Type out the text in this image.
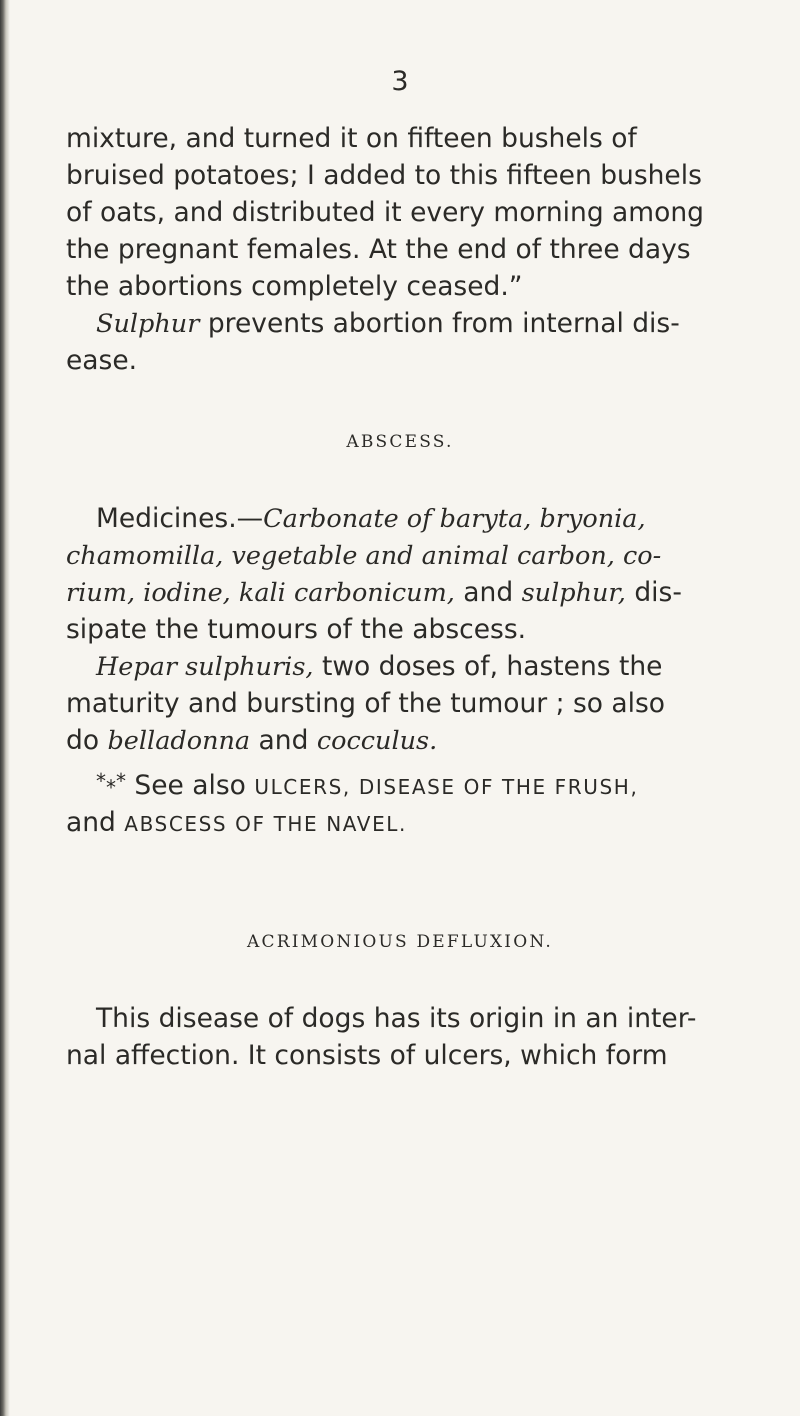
3
mixture, and turned it on fifteen bushels of
bruised potatoes; I added to this fifteen bushels
of oats, and distributed it every morning among
the pregnant females. At the end of three days
the abortions completely ceased.”
Sulphur prevents abortion from internal dis-
ease.
ABSCESS.
Medicines.—Carbonate of baryta, bryonia,
chamomilla, vegetable and animal carbon, co-
rium, iodine, kali carbonicum, and sulphur, dis-
sipate the tumours of the abscess.
Hepar sulphuris, two doses of, hastens the
maturity and bursting of the tumour ; so also
do belladonna and cocculus.
*⁎* See also ULCERS, DISEASE OF THE FRUSH,
and ABSCESS OF THE NAVEL.
ACRIMONIOUS DEFLUXION.
This disease of dogs has its origin in an inter-
nal affection. It consists of ulcers, which form
